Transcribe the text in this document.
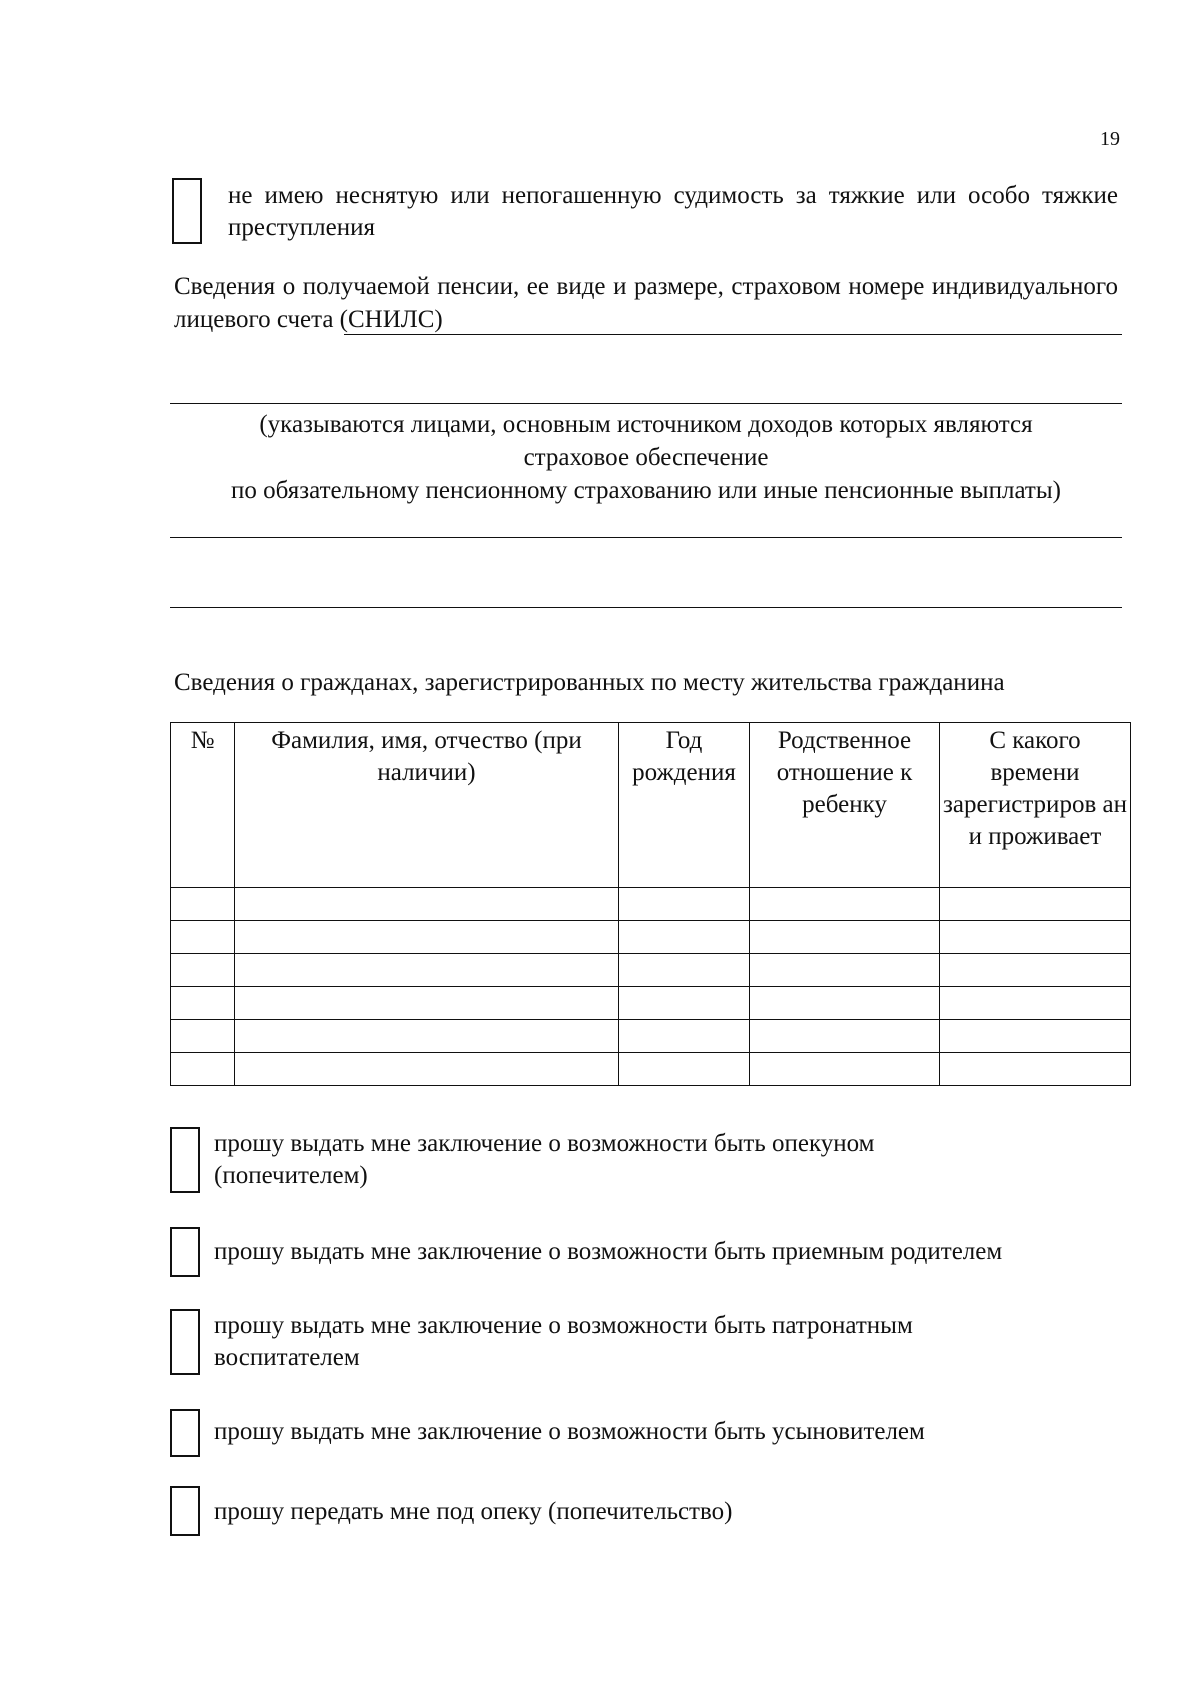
19
не имею неснятую или непогашенную судимость за тяжкие или особо тяжкие преступления
Сведения о получаемой пенсии, ее виде и размере, страховом номере индивидуального лицевого счета (СНИЛС)
(указываются лицами, основным источником доходов которых являются
страховое обеспечение
по обязательному пенсионному страхованию или иные пенсионные выплаты)
Сведения о гражданах, зарегистрированных по месту жительства гражданина
№	Фамилия, имя, отчество (при наличии)	Год рождения	Родственное отношение к ребенку	С какого времени зарегистриров ан и проживает

прошу выдать мне заключение о возможности быть опекуном (попечителем)
прошу выдать мне заключение о возможности быть приемным родителем
прошу выдать мне заключение о возможности быть патронатным воспитателем
прошу выдать мне заключение о возможности быть усыновителем
прошу передать мне под опеку (попечительство)
